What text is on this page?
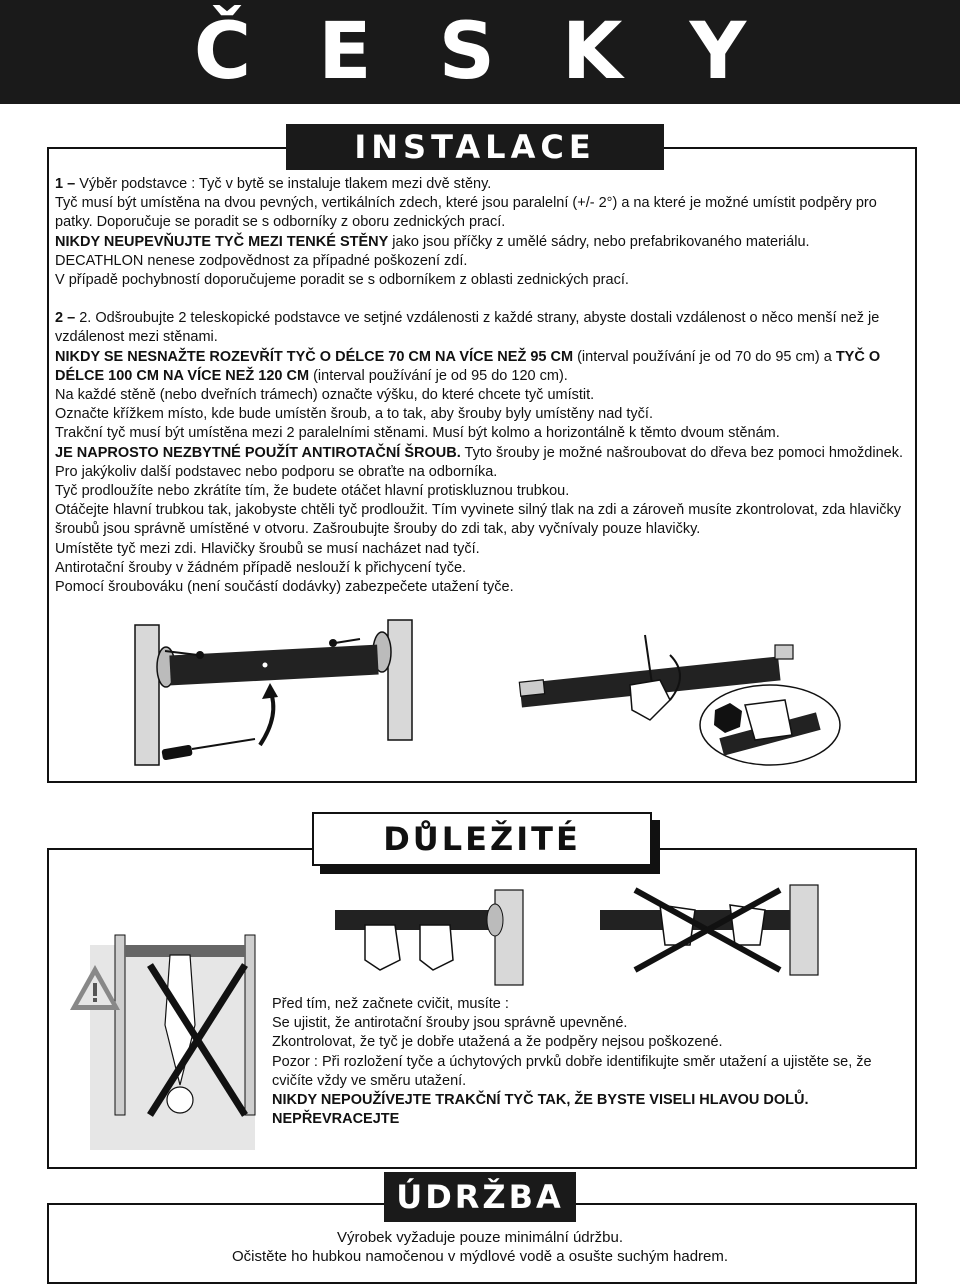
Č E S K Y
INSTALACE

1 – Výběr podstavce : Tyč v bytě se instaluje tlakem mezi dvě stěny.

Tyč musí být umístěna na dvou pevných, vertikálních zdech, které jsou paralelní (+/- 2°) a na které je možné umístit podpěry pro patky. Doporučuje se poradit se s odborníky z oboru zednických prací.

NIKDY NEUPEVŇUJTE TYČ MEZI TENKÉ STĚNY jako jsou příčky z umělé sádry, nebo prefabrikovaného materiálu.

DECATHLON nenese zodpovědnost za případné poškození zdí.

V případě pochybností doporučujeme poradit se s odborníkem z oblasti zednických prací.

2 – 2. Odšroubujte 2 teleskopické podstavce ve setjné vzdálenosti z každé strany, abyste dostali vzdálenost o něco menší než je vzdálenost mezi stěnami.

NIKDY SE NESNAŽTE ROZEVŘÍT TYČ O DÉLCE 70 CM NA VÍCE NEŽ 95 CM (interval používání je od 70 do 95 cm) a TYČ O DÉLCE 100 CM NA VÍCE NEŽ 120 CM (interval používání je od 95 do 120 cm).

Na každé stěně (nebo dveřních trámech) označte výšku, do které chcete tyč umístit.

Označte křížkem místo, kde bude umístěn šroub, a to tak, aby šrouby byly umístěny nad tyčí.

Trakční tyč musí být umístěna mezi 2 paralelními stěnami. Musí být kolmo a horizontálně k těmto dvoum stěnám.

JE NAPROSTO NEZBYTNÉ POUŽÍT ANTIROTAČNÍ ŠROUB. Tyto šrouby je možné našroubovat do dřeva bez pomoci hmoždinek. Pro jakýkoliv další podstavec nebo podporu se obraťte na odborníka.

Tyč prodloužíte nebo zkrátíte tím, že budete otáčet hlavní protiskluznou trubkou.

Otáčejte hlavní trubkou tak, jakobyste chtěli tyč prodloužit. Tím vyvinete silný tlak na zdi a zároveň musíte zkontrolovat, zda hlavičky šroubů jsou správně umístěné v otvoru. Zašroubujte šrouby do zdi tak, aby vyčnívaly pouze hlavičky.

Umístěte tyč mezi zdi. Hlavičky šroubů se musí nacházet nad tyčí.

Antirotační šrouby v žádném případě neslouží k přichycení tyče.

Pomocí šroubováku (není součástí dodávky) zabezpečete utažení tyče.

DŮLEŽITÉ

Před tím, než začnete cvičit, musíte :

Se ujistit, že antirotační šrouby jsou správně upevněné.

Zkontrolovat, že tyč je dobře utažená a že podpěry nejsou poškozené.

Pozor : Při rozložení tyče a úchytových prvků dobře identifikujte směr utažení a ujistěte se, že cvičíte vždy ve směru utažení.

NIKDY NEPOUŽÍVEJTE TRAKČNÍ TYČ TAK, ŽE BYSTE VISELI HLAVOU DOLŮ.

NEPŘEVRACEJTE

ÚDRŽBA

Výrobek vyžaduje pouze minimální údržbu.

Očistěte ho hubkou namočenou v mýdlové vodě a osušte suchým hadrem.
